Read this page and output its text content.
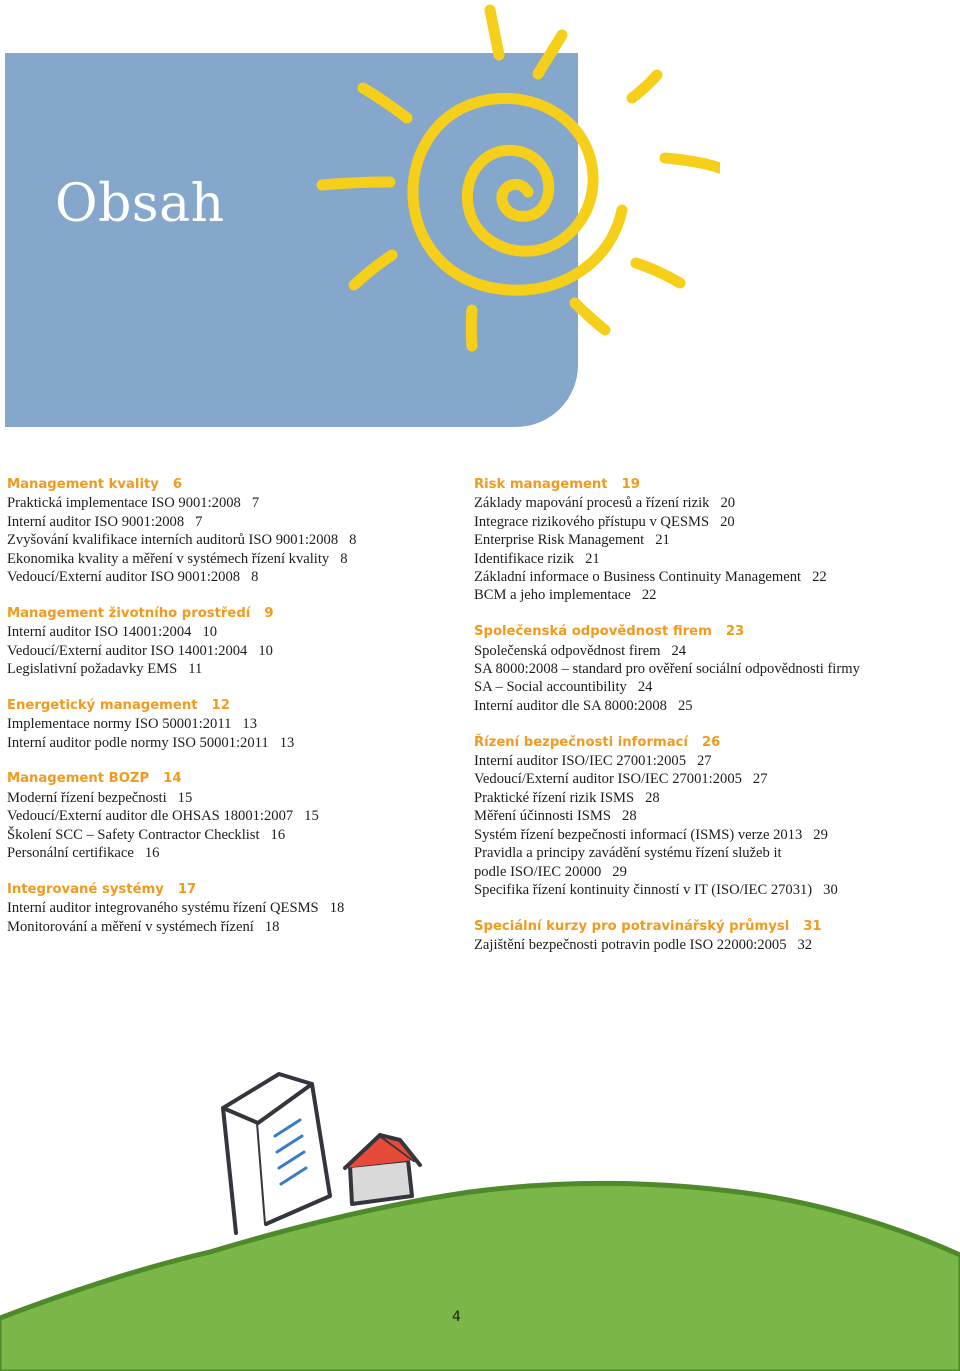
Obsah
Management kvality 6
Praktická implementace ISO 9001:2008 7
Interní auditor ISO 9001:2008 7
Zvyšování kvalifikace interních auditorů ISO 9001:2008 8
Ekonomika kvality a měření v systémech řízení kvality 8
Vedoucí/Externí auditor ISO 9001:2008 8
Management životního prostředí 9
Interní auditor ISO 14001:2004 10
Vedoucí/Externí auditor ISO 14001:2004 10
Legislativní požadavky EMS 11
Energetický management 12
Implementace normy ISO 50001:2011 13
Interní auditor podle normy ISO 50001:2011 13
Management BOZP 14
Moderní řízení bezpečnosti 15
Vedoucí/Externí auditor dle OHSAS 18001:2007 15
Školení SCC – Safety Contractor Checklist 16
Personální certifikace 16
Integrované systémy 17
Interní auditor integrovaného systému řízení QESMS 18
Monitorování a měření v systémech řízení 18
Risk management 19
Základy mapování procesů a řízení rizik 20
Integrace rizikového přístupu v QESMS 20
Enterprise Risk Management 21
Identifikace rizik 21
Základní informace o Business Continuity Management 22
BCM a jeho implementace 22
Společenská odpovědnost firem 23
Společenská odpovědnost firem 24
SA 8000:2008 – standard pro ověření sociální odpovědnosti firmy
SA – Social accountibility 24
Interní auditor dle SA 8000:2008 25
Řízení bezpečnosti informací 26
Interní auditor ISO/IEC 27001:2005 27
Vedoucí/Externí auditor ISO/IEC 27001:2005 27
Praktické řízení rizik ISMS 28
Měření účinnosti ISMS 28
Systém řízení bezpečnosti informací (ISMS) verze 2013 29
Pravidla a principy zavádění systému řízení služeb it
podle ISO/IEC 20000 29
Specifika řízení kontinuity činností v IT (ISO/IEC 27031) 30
Speciální kurzy pro potravinářský průmysl 31
Zajištění bezpečnosti potravin podle ISO 22000:2005 32
4
